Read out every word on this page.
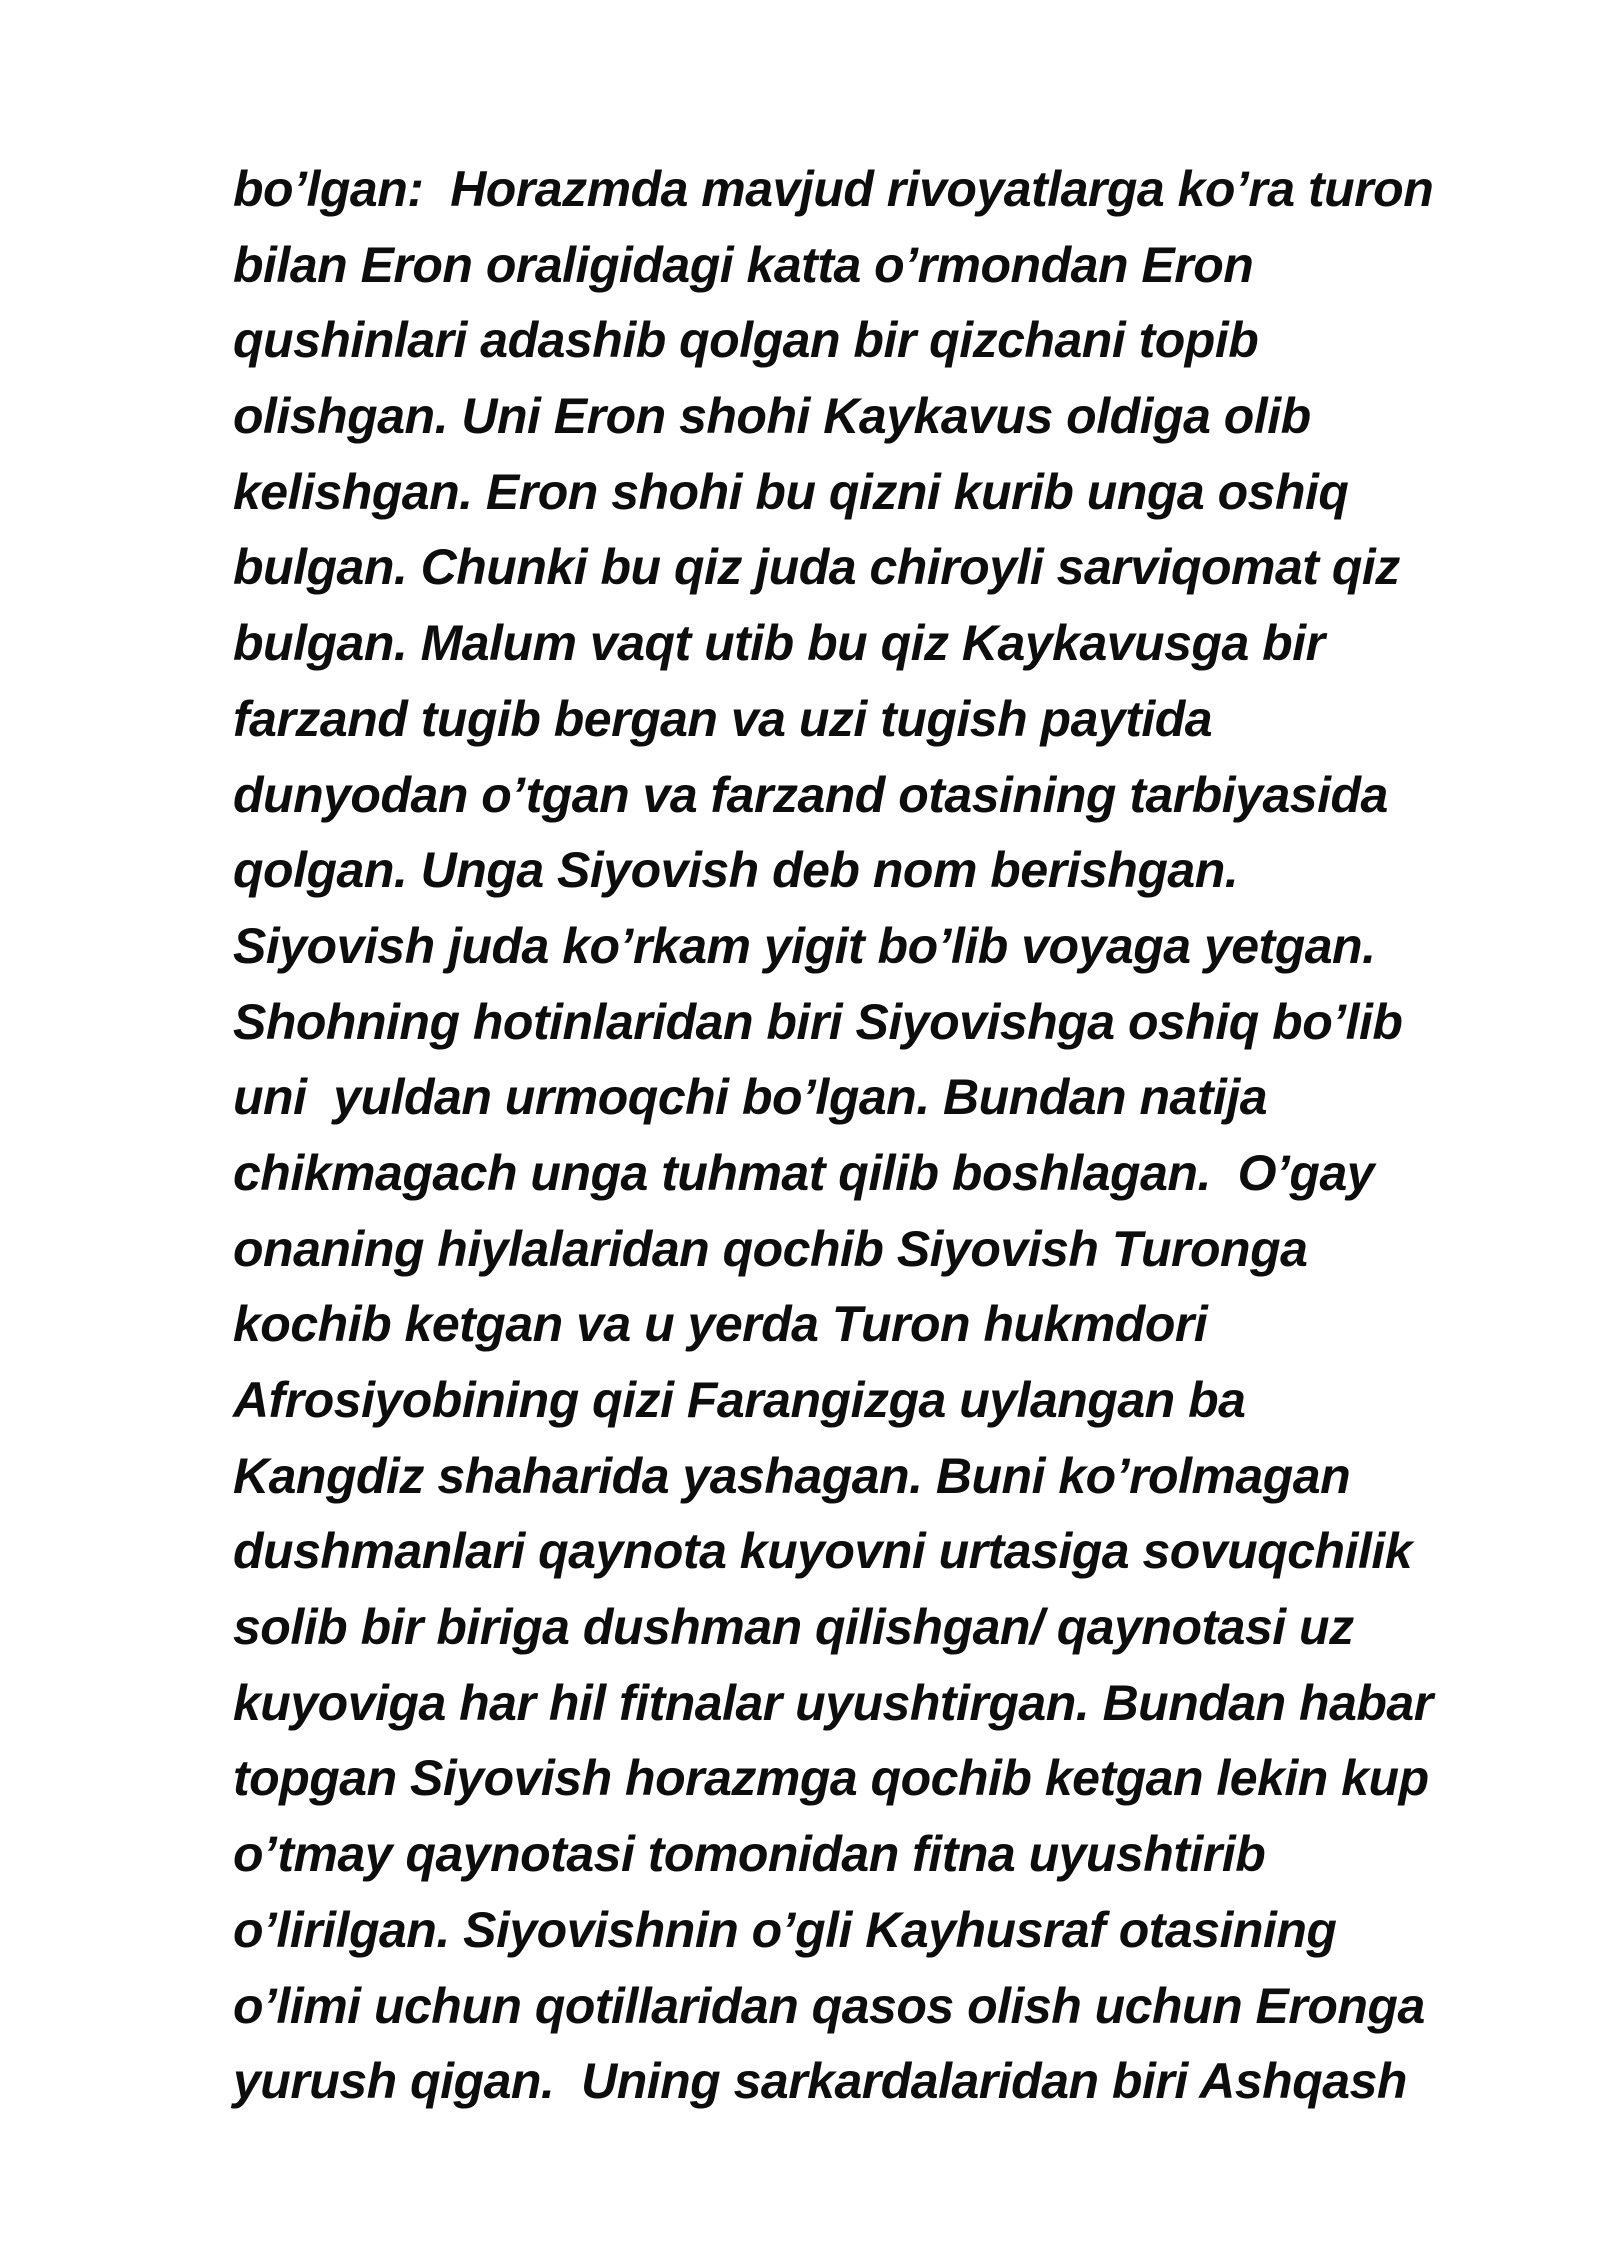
bo’lgan:  Horazmda mavjud rivoyatlarga ko’ra turon
bilan Eron oraligidagi katta o’rmondan Eron
qushinlari adashib qolgan bir qizchani topib
olishgan. Uni Eron shohi Kaykavus oldiga olib
kelishgan. Eron shohi bu qizni kurib unga oshiq
bulgan. Chunki bu qiz juda chiroyli sarviqomat qiz
bulgan. Malum vaqt utib bu qiz Kaykavusga bir
farzand tugib bergan va uzi tugish paytida
dunyodan o’tgan va farzand otasining tarbiyasida
qolgan. Unga Siyovish deb nom berishgan.
Siyovish juda ko’rkam yigit bo’lib voyaga yetgan.
Shohning hotinlaridan biri Siyovishga oshiq bo’lib
uni  yuldan urmoqchi bo’lgan. Bundan natija
chikmagach unga tuhmat qilib boshlagan.  O’gay
onaning hiylalaridan qochib Siyovish Turonga
kochib ketgan va u yerda Turon hukmdori
Afrosiyobining qizi Farangizga uylangan ba
Kangdiz shaharida yashagan. Buni ko’rolmagan
dushmanlari qaynota kuyovni urtasiga sovuqchilik
solib bir biriga dushman qilishgan/ qaynotasi uz
kuyoviga har hil fitnalar uyushtirgan. Bundan habar
topgan Siyovish horazmga qochib ketgan lekin kup
o’tmay qaynotasi tomonidan fitna uyushtirib
o’lirilgan. Siyovishnin o’gli Kayhusraf otasining
o’limi uchun qotillaridan qasos olish uchun Eronga
yurush qigan.  Uning sarkardalaridan biri Ashqash
